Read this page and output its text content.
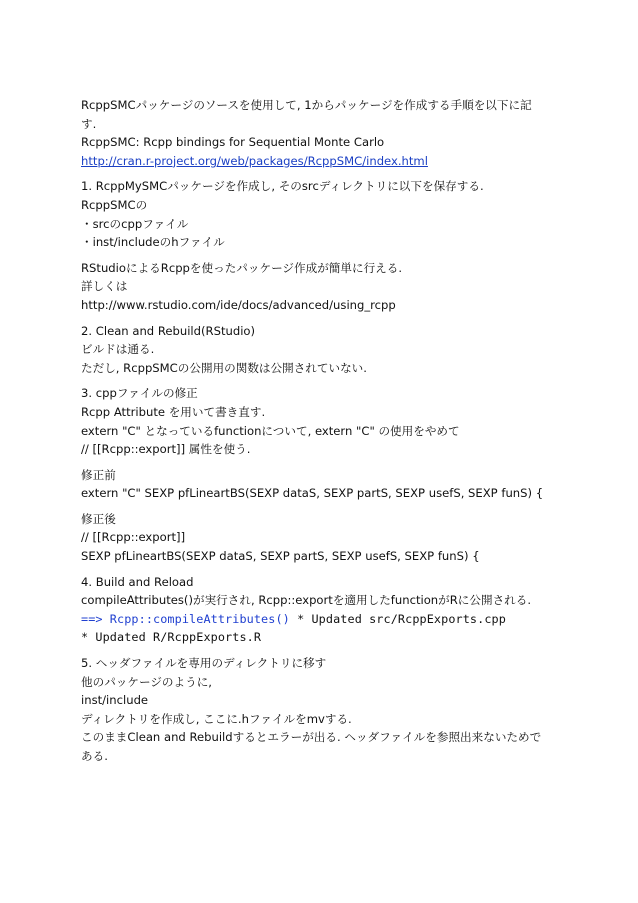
RcppSMCパッケージのソースを使用して, 1からパッケージを作成する手順を以下に記
す.
RcppSMC: Rcpp bindings for Sequential Monte Carlo
http://cran.r-project.org/web/packages/RcppSMC/index.html
1. RcppMySMCパッケージを作成し, そのsrcディレクトリに以下を保存する.
RcppSMCの
・srcのcppファイル
・inst/includeのhファイル
RStudioによるRcppを使ったパッケージ作成が簡単に行える.
詳しくは
http://www.rstudio.com/ide/docs/advanced/using_rcpp
2. Clean and Rebuild(RStudio)
ビルドは通る.
ただし, RcppSMCの公開用の関数は公開されていない.
3. cppファイルの修正
Rcpp Attribute を用いて書き直す.
extern "C" となっているfunctionについて, extern "C" の使用をやめて
// [[Rcpp::export]] 属性を使う.
修正前
extern "C" SEXP pfLineartBS(SEXP dataS, SEXP partS, SEXP usefS, SEXP funS) {
修正後
// [[Rcpp::export]]
SEXP pfLineartBS(SEXP dataS, SEXP partS, SEXP usefS, SEXP funS) {
4. Build and Reload
compileAttributes()が実行され, Rcpp::exportを適用したfunctionがRに公開される.
==> Rcpp::compileAttributes() * Updated src/RcppExports.cpp
* Updated R/RcppExports.R
5. ヘッダファイルを専用のディレクトリに移す
他のパッケージのように,
inst/include
ディレクトリを作成し, ここに.hファイルをmvする.
このままClean and Rebuildするとエラーが出る. ヘッダファイルを参照出来ないためで
ある.
